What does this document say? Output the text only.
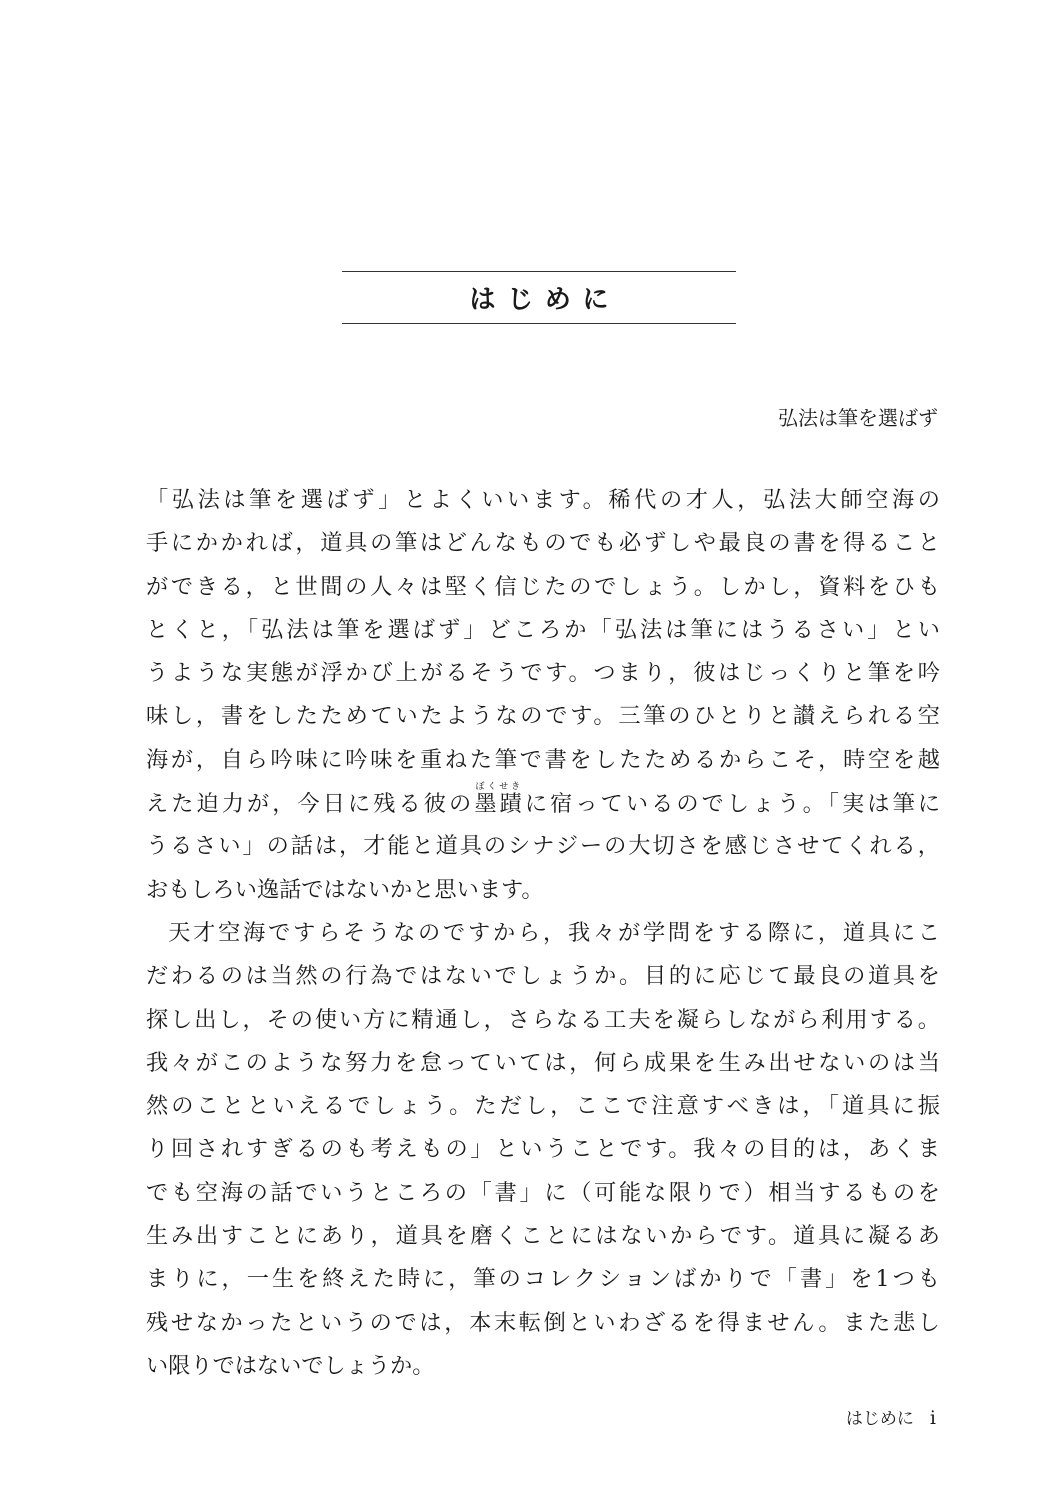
はじめに
弘法は筆を選ばず
「弘法は筆を選ばず」とよくいいます。稀代の才人，弘法大師空海の
手にかかれば，道具の筆はどんなものでも必ずしや最良の書を得ること
ができる，と世間の人々は堅く信じたのでしょう。しかし，資料をひも
とくと，「弘法は筆を選ばず」どころか「弘法は筆にはうるさい」とい
うような実態が浮かび上がるそうです。つまり，彼はじっくりと筆を吟
味し，書をしたためていたようなのです。三筆のひとりと讃えられる空
海が，自ら吟味に吟味を重ねた筆で書をしたためるからこそ，時空を越
えた迫力が，今日に残る彼の墨蹟ぼくせきに宿っているのでしょう。「実は筆に
うるさい」の話は，才能と道具のシナジーの大切さを感じさせてくれる，
おもしろい逸話ではないかと思います。
天才空海ですらそうなのですから，我々が学問をする際に，道具にこ
だわるのは当然の行為ではないでしょうか。目的に応じて最良の道具を
探し出し，その使い方に精通し，さらなる工夫を凝らしながら利用する。
我々がこのような努力を怠っていては，何ら成果を生み出せないのは当
然のことといえるでしょう。ただし，ここで注意すべきは，「道具に振
り回されすぎるのも考えもの」ということです。我々の目的は，あくま
でも空海の話でいうところの「書」に（可能な限りで）相当するものを
生み出すことにあり，道具を磨くことにはないからです。道具に凝るあ
まりに，一生を終えた時に，筆のコレクションばかりで「書」を1つも
残せなかったというのでは，本末転倒といわざるを得ません。また悲し
い限りではないでしょうか。
はじめに i
